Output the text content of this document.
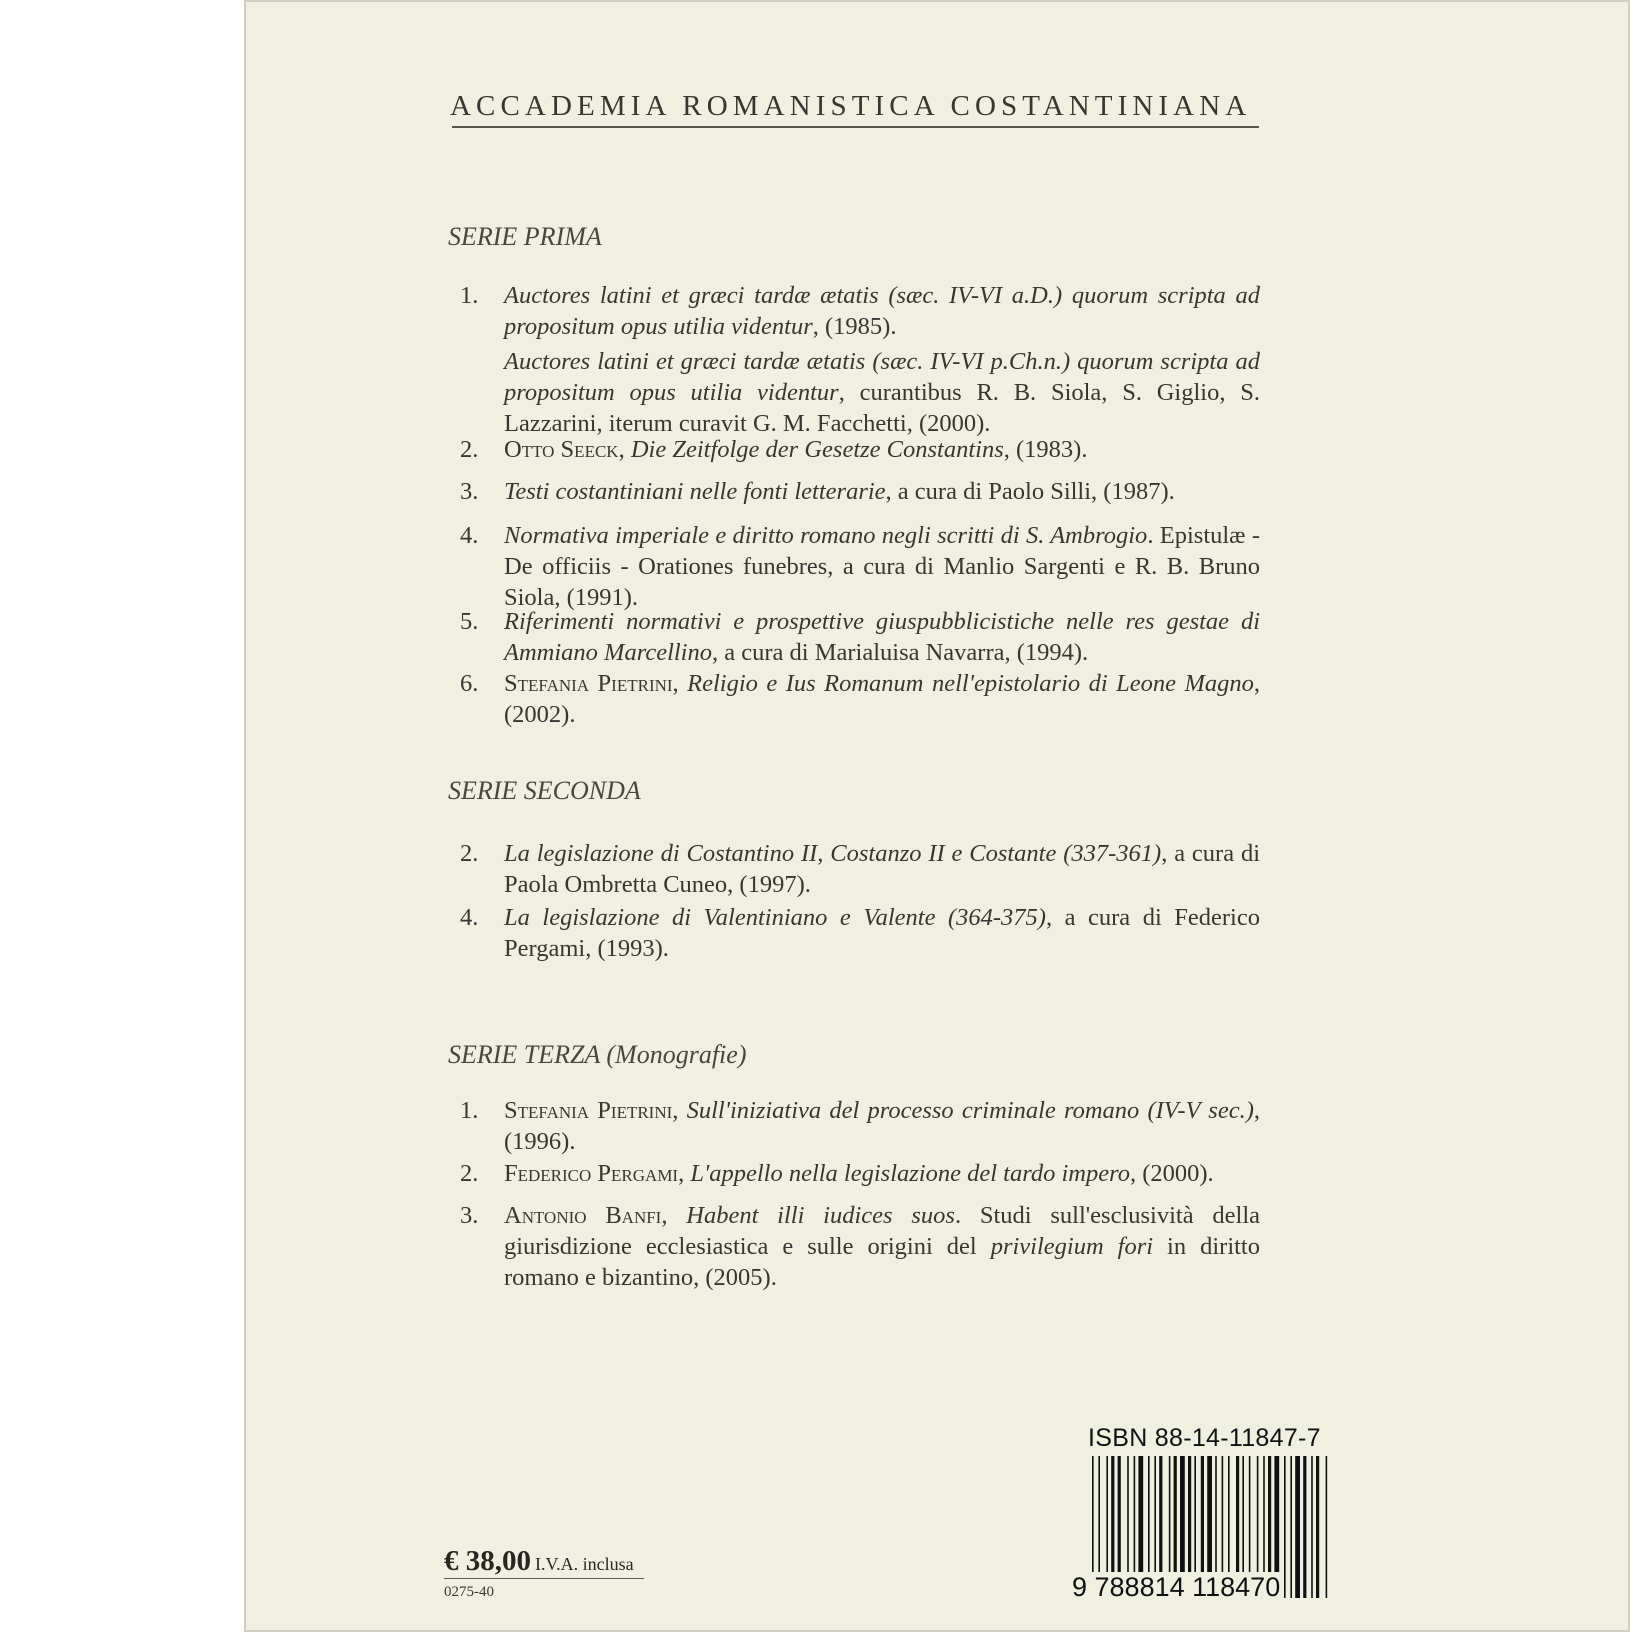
ACCADEMIA ROMANISTICA COSTANTINIANA
SERIE PRIMA
1. Auctores latini et græci tardæ ætatis (sæc. IV-VI a.D.) quorum scripta ad propositum opus utilia videntur, (1985).
Auctores latini et græci tardæ ætatis (sæc. IV-VI p.Ch.n.) quorum scripta ad propositum opus utilia videntur, curantibus R. B. Siola, S. Giglio, S. Lazzarini, iterum curavit G. M. Facchetti, (2000).
2. Otto Seeck, Die Zeitfolge der Gesetze Constantins, (1983).
3. Testi costantiniani nelle fonti letterarie, a cura di Paolo Silli, (1987).
4. Normativa imperiale e diritto romano negli scritti di S. Ambrogio. Epistulæ - De officiis - Orationes funebres, a cura di Manlio Sargenti e R. B. Bruno Siola, (1991).
5. Riferimenti normativi e prospettive giuspubblicistiche nelle res gestae di Ammiano Marcellino, a cura di Marialuisa Navarra, (1994).
6. Stefania Pietrini, Religio e Ius Romanum nell'epistolario di Leone Magno, (2002).
SERIE SECONDA
2. La legislazione di Costantino II, Costanzo II e Costante (337-361), a cura di Paola Ombretta Cuneo, (1997).
4. La legislazione di Valentiniano e Valente (364-375), a cura di Federico Pergami, (1993).
SERIE TERZA (Monografie)
1. Stefania Pietrini, Sull'iniziativa del processo criminale romano (IV-V sec.), (1996).
2. Federico Pergami, L'appello nella legislazione del tardo impero, (2000).
3. Antonio Banfi, Habent illi iudices suos. Studi sull'esclusività della giurisdizione ecclesiastica e sulle origini del privilegium fori in diritto romano e bizantino, (2005).
ISBN 88-14-11847-7
9 788814 118470
€ 38,00 I.V.A. inclusa
0275-40
